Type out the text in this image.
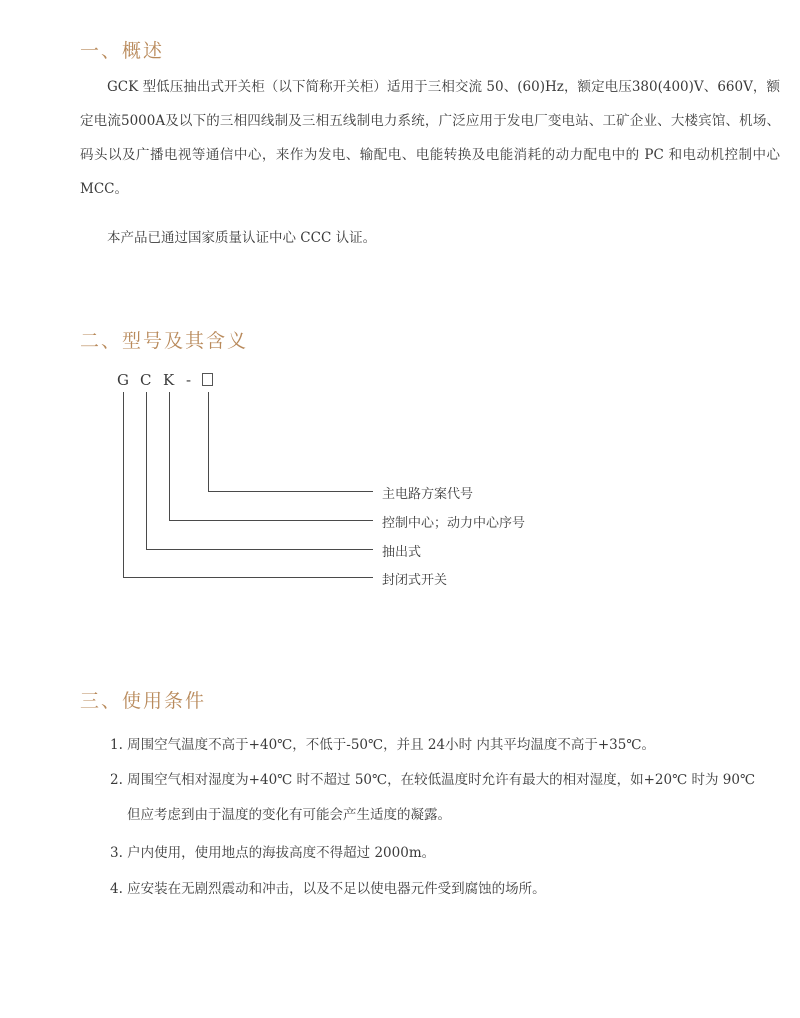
一、概述

GCK 型低压抽出式开关柜（以下简称开关柜）适用于三相交流 50、(60)Hz，额定电压380(400)V、660V，额定电流5000A及以下的三相四线制及三相五线制电力系统，广泛应用于发电厂变电站、工矿企业、大楼宾馆、机场、码头以及广播电视等通信中心，来作为发电、输配电、电能转换及电能消耗的动力配电中的 PC 和电动机控制中心 MCC。

本产品已通过国家质量认证中心 CCC 认证。

二、型号及其含义
G C K -
主电路方案代号
控制中心；动力中心序号
抽出式
封闭式开关
三、使用条件

1. 周围空气温度不高于+40℃，不低于-50℃，并且 24小时 内其平均温度不高于+35℃。

2. 周围空气相对湿度为+40℃ 时不超过 50℃，在较低温度时允许有最大的相对湿度，如+20℃ 时为 90℃

但应考虑到由于温度的变化有可能会产生适度的凝露。

3. 户内使用，使用地点的海拔高度不得超过 2000m。

4. 应安装在无剧烈震动和冲击，以及不足以使电器元件受到腐蚀的场所。
